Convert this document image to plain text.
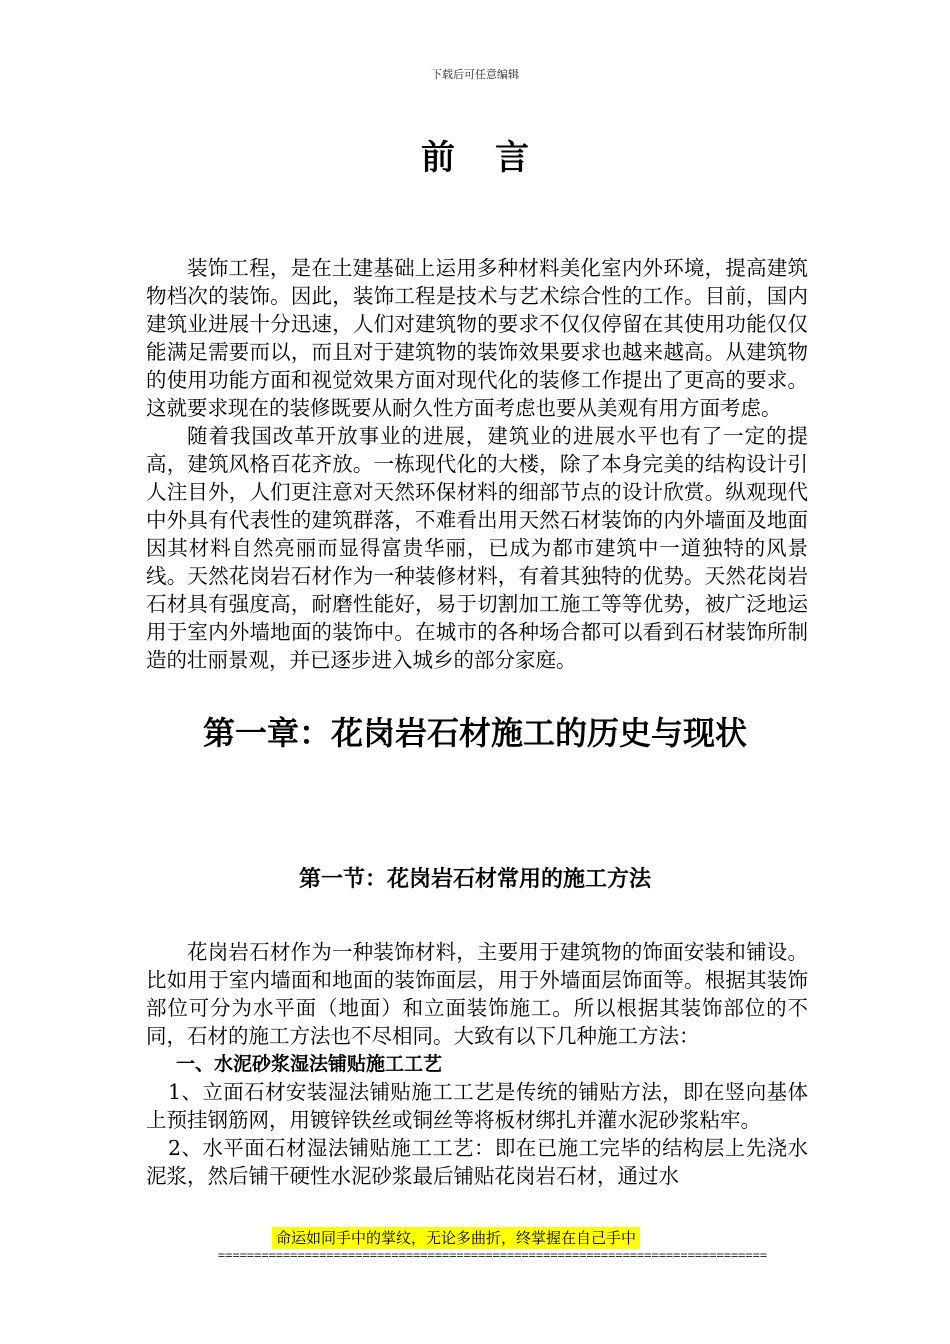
下载后可任意编辑
前言

装饰工程，是在土建基础上运用多种材料美化室内外环境，提高建筑物档次的装饰。因此，装饰工程是技术与艺术综合性的工作。目前，国内建筑业进展十分迅速，人们对建筑物的要求不仅仅停留在其使用功能仅仅能满足需要而以，而且对于建筑物的装饰效果要求也越来越高。从建筑物的使用功能方面和视觉效果方面对现代化的装修工作提出了更高的要求。这就要求现在的装修既要从耐久性方面考虑也要从美观有用方面考虑。

随着我国改革开放事业的进展，建筑业的进展水平也有了一定的提高，建筑风格百花齐放。一栋现代化的大楼，除了本身完美的结构设计引人注目外，人们更注意对天然环保材料的细部节点的设计欣赏。纵观现代中外具有代表性的建筑群落，不难看出用天然石材装饰的内外墙面及地面因其材料自然亮丽而显得富贵华丽，已成为都市建筑中一道独特的风景线。天然花岗岩石材作为一种装修材料，有着其独特的优势。天然花岗岩石材具有强度高，耐磨性能好，易于切割加工施工等等优势，被广泛地运用于室内外墙地面的装饰中。在城市的各种场合都可以看到石材装饰所制造的壮丽景观，并已逐步进入城乡的部分家庭。

第一章：花岗岩石材施工的历史与现状
第一节：花岗岩石材常用的施工方法

花岗岩石材作为一种装饰材料，主要用于建筑物的饰面安装和铺设。比如用于室内墙面和地面的装饰面层，用于外墙面层饰面等。根据其装饰部位可分为水平面（地面）和立面装饰施工。所以根据其装饰部位的不同，石材的施工方法也不尽相同。大致有以下几种施工方法：

一、水泥砂浆湿法铺贴施工工艺

1、立面石材安装湿法铺贴施工工艺是传统的铺贴方法，即在竖向基体上预挂钢筋网，用镀锌铁丝或铜丝等将板材绑扎并灌水泥砂浆粘牢。

2、水平面石材湿法铺贴施工工艺：即在已施工完毕的结构层上先浇水泥浆，然后铺干硬性水泥砂浆最后铺贴花岗岩石材，通过水

命运如同手中的掌纹，无论多曲折，终掌握在自己手中
============================================================================
